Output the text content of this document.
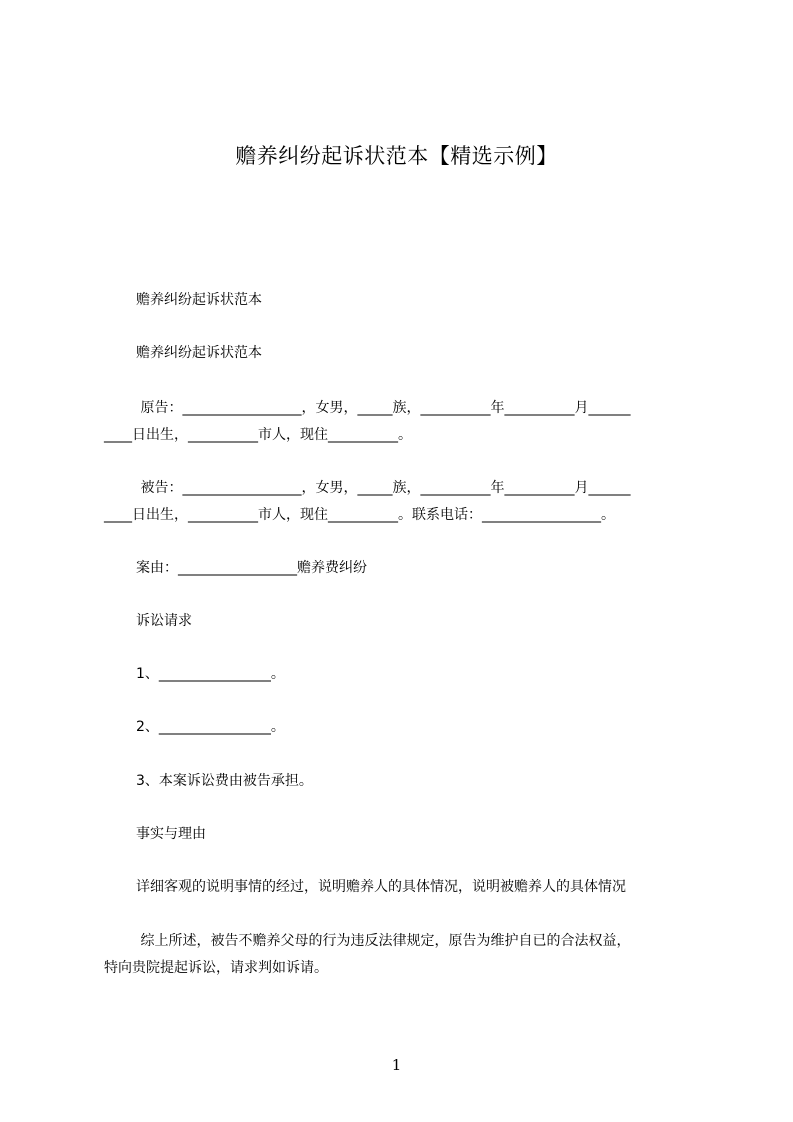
赡养纠纷起诉状范本【精选示例】

赡养纠纷起诉状范本

赡养纠纷起诉状范本

原告：_________________，女男，_____族，__________年__________月______

____日出生，__________市人，现住__________。

被告：_________________，女男，_____族，__________年__________月______

____日出生，__________市人，现住__________。联系电话：_________________。

案由：_________________赡养费纠纷

诉讼请求

1、________________。

2、________________。

3、本案诉讼费由被告承担。

事实与理由

详细客观的说明事情的经过，说明赡养人的具体情况，说明被赡养人的具体情况

综上所述，被告不赡养父母的行为违反法律规定，原告为维护自已的合法权益，

特向贵院提起诉讼，请求判如诉请。

1
